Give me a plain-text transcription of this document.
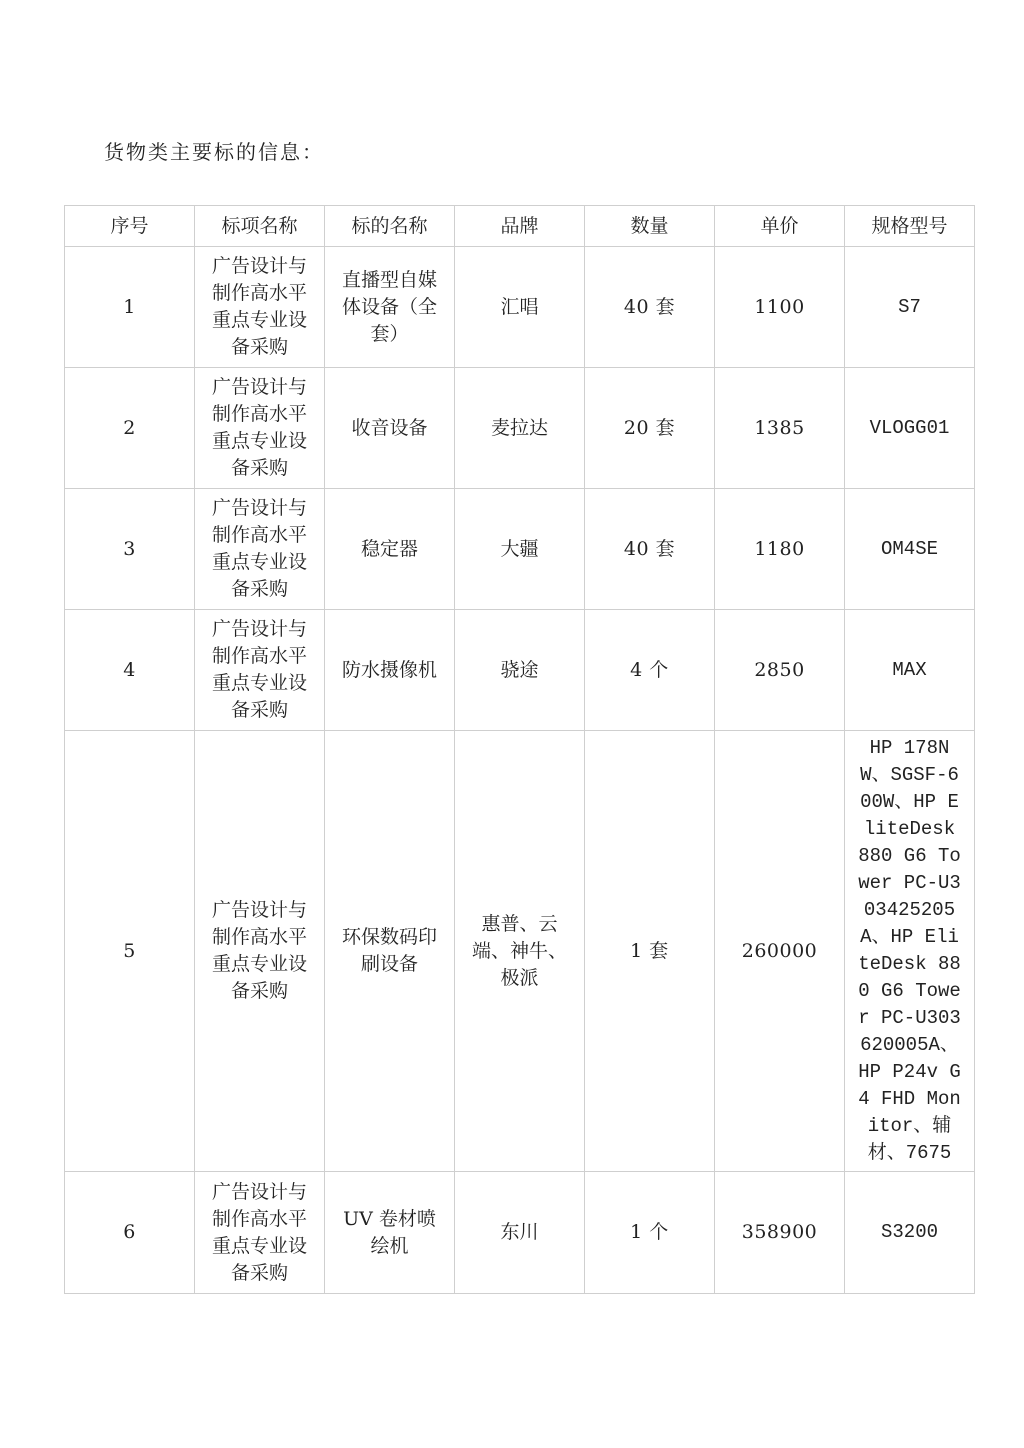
货物类主要标的信息：
序号	标项名称	标的名称	品牌	数量	单价	规格型号
1	广告设计与制作高水平重点专业设备采购	直播型自媒体设备（全套）	汇唱	40 套	1100	S7
2	广告设计与制作高水平重点专业设备采购	收音设备	麦拉达	20 套	1385	VLOGG01
3	广告设计与制作高水平重点专业设备采购	稳定器	大疆	40 套	1180	OM4SE
4	广告设计与制作高水平重点专业设备采购	防水摄像机	骁途	4 个	2850	MAX
5	广告设计与制作高水平重点专业设备采购	环保数码印刷设备	惠普、云端、神牛、极派	1 套	260000	HP 178NW、SGSF-600W、HP EliteDesk 880 G6 Tower PC-U303425205A、HP EliteDesk 880 G6 Tower PC-U303620005A、HP P24v G4 FHD Monitor、辅材、7675
6	广告设计与制作高水平重点专业设备采购	UV 卷材喷绘机	东川	1 个	358900	S3200
